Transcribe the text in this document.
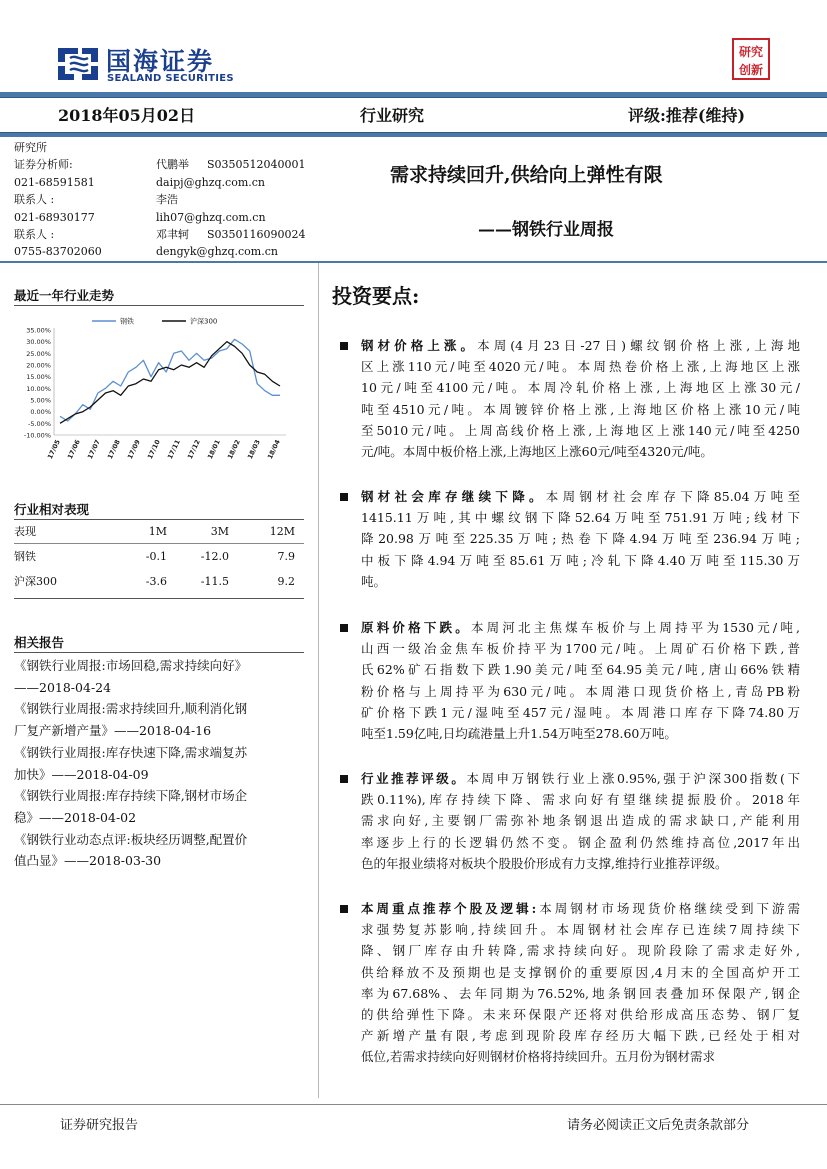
国海证券
SEALAND SECURITIES
研究创新
2018年05月02日	行业研究	评级:推荐(维持)
研究所
证券分析师:	代鹏举 S0350512040001
021-68591581	daipj@ghzq.com.cn
联系人 :	李浩
021-68930177	lih07@ghzq.com.cn
联系人 :	邓聿轲 S0350116090024
0755-83702060	dengyk@ghzq.com.cn
需求持续回升,供给向上弹性有限
——钢铁行业周报
最近一年行业走势
35.00%
30.00%
25.00%
20.00%
15.00%
10.00%
5.00%
0.00%
-5.00%
-10.00%
17/05 17/06 17/07 17/08 17/09 17/10 17/11 17/12 18/01 18/02 18/03 18/04
钢铁	沪深300
行业相对表现
表现	1M	3M	12M
钢铁	-0.1	-12.0	7.9
沪深300	-3.6	-11.5	9.2
相关报告
《钢铁行业周报:市场回稳,需求持续向好》
——2018-04-24
《钢铁行业周报:需求持续回升,顺利消化钢
厂复产新增产量》——2018-04-16
《钢铁行业周报:库存快速下降,需求端复苏
加快》——2018-04-09
《钢铁行业周报:库存持续下降,钢材市场企
稳》——2018-04-02
《钢铁行业动态点评:板块经历调整,配置价
值凸显》——2018-03-30
投资要点:
钢材价格上涨。本周(4月23日-27日)螺纹钢价格上涨,上海地
区上涨110元/吨至4020元/吨。本周热卷价格上涨,上海地区上涨
10元/吨至4100元/吨。本周冷轧价格上涨,上海地区上涨30元/
吨至4510元/吨。本周镀锌价格上涨,上海地区价格上涨10元/吨
至5010元/吨。上周高线价格上涨,上海地区上涨140元/吨至4250
元/吨。本周中板价格上涨,上海地区上涨60元/吨至4320元/吨。
钢材社会库存继续下降。本周钢材社会库存下降85.04万吨至
1415.11万吨,其中螺纹钢下降52.64万吨至751.91万吨;线材下
降20.98万吨至225.35万吨;热卷下降4.94万吨至236.94万吨;
中板下降4.94万吨至85.61万吨;冷轧下降4.40万吨至115.30万
吨。
原料价格下跌。本周河北主焦煤车板价与上周持平为1530元/吨,
山西一级冶金焦车板价持平为1700元/吨。上周矿石价格下跌,普
氏62%矿石指数下跌1.90美元/吨至64.95美元/吨,唐山66%铁精
粉价格与上周持平为630元/吨。本周港口现货价格上,青岛PB粉
矿价格下跌1元/湿吨至457元/湿吨。本周港口库存下降74.80万
吨至1.59亿吨,日均疏港量上升1.54万吨至278.60万吨。
行业推荐评级。本周申万钢铁行业上涨0.95%,强于沪深300指数(下
跌0.11%),库存持续下降、需求向好有望继续提振股价。2018年
需求向好,主要钢厂需弥补地条钢退出造成的需求缺口,产能利用
率逐步上行的长逻辑仍然不变。钢企盈利仍然维持高位,2017年出
色的年报业绩将对板块个股股价形成有力支撑,维持行业推荐评级。
本周重点推荐个股及逻辑:本周钢材市场现货价格继续受到下游需
求强势复苏影响,持续回升。本周钢材社会库存已连续7周持续下
降、钢厂库存由升转降,需求持续向好。现阶段除了需求走好外,
供给释放不及预期也是支撑钢价的重要原因,4月末的全国高炉开工
率为67.68%、去年同期为76.52%,地条钢回表叠加环保限产,钢企
的供给弹性下降。未来环保限产还将对供给形成高压态势、钢厂复
产新增产量有限,考虑到现阶段库存经历大幅下跌,已经处于相对
低位,若需求持续向好则钢材价格将持续回升。五月份为钢材需求
证券研究报告	请务必阅读正文后免责条款部分
